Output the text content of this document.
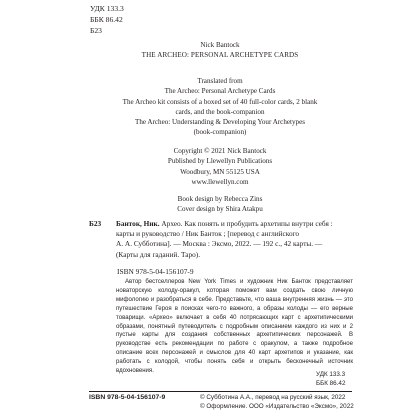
УДК 133.3
ББК 86.42
Б23
Nick Bantock
THE ARCHEO: PERSONAL ARCHETYPE CARDS
Translated from
The Archeo: Personal Archetype Cards
The Archeo kit consists of a boxed set of 40 full-color cards, 2 blank
cards, and the book-companion
The Archeo: Understanding & Developing Your Archetypes
(book-companion)
Copyright © 2021 Nick Bantock
Published by Llewellyn Publications
Woodbury, MN 55125 USA
www.llewellyn.com
Book design by Rebecca Zins
Cover design by Shira Atakpu
Б23 Банток, Ник. Археo. Как понять и пробудить архетипы внутри себя :
карты и руководство / Ник Банток ; [перевод с английского
А. А. Субботина]. — Москва : Эксмо, 2022. — 192 с., 42 карты. —
(Карты для гаданий. Таро).
ISBN 978-5-04-156107-9

Автор бестселлеров New York Times и художник Ник Банток представляет новаторскую колоду-оракул, которая поможет вам создать свою личную мифологию и разобраться в себе. Представьте, что ваша внутренняя жизнь — это путешествие Героя в поисках чего-то важного, а образы колоды — его верные товарищи. «Архео» включает в себя 40 потрясающих карт с архетипическими образами, понятный путеводитель с подробным описанием каждого из них и 2 пустые карты для создания собственных архетипических персонажей. В руководстве есть рекомендации по работе с оракулом, а также подробное описание всех персонажей и смыслов для 40 карт архетипов и указание, как работать с колодой, чтобы понять себя и открыть бесконечный источник вдохновения.	УДК 133.3
ББК 86.42
ISBN 978-5-04-156107-9	© Субботина А.А., перевод на русский язык, 2022
© Оформление. ООО «Издательство «Эксмо», 2022
